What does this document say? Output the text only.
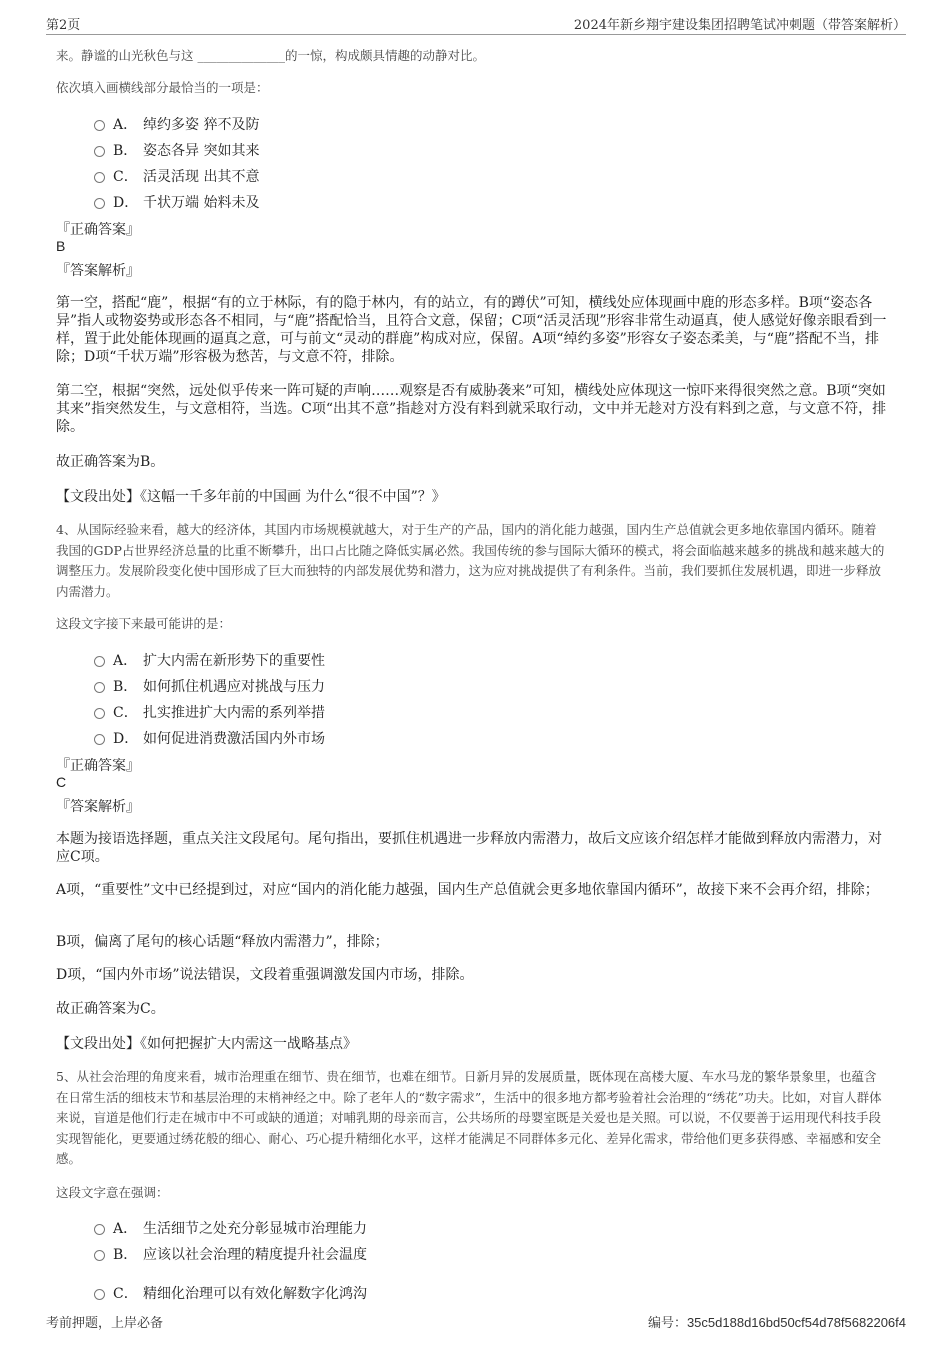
第2页	2024年新乡翔宇建设集团招聘笔试冲刺题（带答案解析）
来。静谧的山光秋色与这 ______________的一惊，构成颇具情趣的动静对比。
依次填入画横线部分最恰当的一项是：
A． 绰约多姿 猝不及防
B． 姿态各异 突如其来
C． 活灵活现 出其不意
D． 千状万端 始料未及
『正确答案』
B
『答案解析』
第一空，搭配“鹿”，根据“有的立于林际，有的隐于林内，有的站立，有的蹲伏”可知，横线处应体现画中鹿的形态多样。B项“姿态各异”指人或物姿势或形态各不相同，与“鹿”搭配恰当，且符合文意，保留；C项“活灵活现”形容非常生动逼真，使人感觉好像亲眼看到一样，置于此处能体现画的逼真之意，可与前文“灵动的群鹿”构成对应，保留。A项“绰约多姿”形容女子姿态柔美，与“鹿”搭配不当，排除；D项“千状万端”形容极为愁苦，与文意不符，排除。
第二空，根据“突然，远处似乎传来一阵可疑的声响……观察是否有威胁袭来”可知，横线处应体现这一惊吓来得很突然之意。B项“突如其来”指突然发生，与文意相符，当选。C项“出其不意”指趁对方没有料到就采取行动，文中并无趁对方没有料到之意，与文意不符，排除。
故正确答案为B。
【文段出处】《这幅一千多年前的中国画 为什么“很不中国”？》
4、从国际经验来看，越大的经济体，其国内市场规模就越大，对于生产的产品，国内的消化能力越强，国内生产总值就会更多地依靠国内循环。随着我国的GDP占世界经济总量的比重不断攀升，出口占比随之降低实属必然。我国传统的参与国际大循环的模式，将会面临越来越多的挑战和越来越大的调整压力。发展阶段变化使中国形成了巨大而独特的内部发展优势和潜力，这为应对挑战提供了有利条件。当前，我们要抓住发展机遇，即进一步释放内需潜力。
这段文字接下来最可能讲的是：
A． 扩大内需在新形势下的重要性
B． 如何抓住机遇应对挑战与压力
C． 扎实推进扩大内需的系列举措
D． 如何促进消费激活国内外市场
『正确答案』
C
『答案解析』
本题为接语选择题，重点关注文段尾句。尾句指出，要抓住机遇进一步释放内需潜力，故后文应该介绍怎样才能做到释放内需潜力，对应C项。
A项，“重要性”文中已经提到过，对应“国内的消化能力越强，国内生产总值就会更多地依靠国内循环”，故接下来不会再介绍，排除；
B项，偏离了尾句的核心话题“释放内需潜力”，排除；
D项，“国内外市场”说法错误，文段着重强调激发国内市场，排除。
故正确答案为C。
【文段出处】《如何把握扩大内需这一战略基点》
5、从社会治理的角度来看，城市治理重在细节、贵在细节，也难在细节。日新月异的发展质量，既体现在高楼大厦、车水马龙的繁华景象里，也蕴含在日常生活的细枝末节和基层治理的末梢神经之中。除了老年人的“数字需求”，生活中的很多地方都考验着社会治理的“绣花”功夫。比如，对盲人群体来说，盲道是他们行走在城市中不可或缺的通道；对哺乳期的母亲而言，公共场所的母婴室既是关爱也是关照。可以说，不仅要善于运用现代科技手段实现智能化，更要通过绣花般的细心、耐心、巧心提升精细化水平，这样才能满足不同群体多元化、差异化需求，带给他们更多获得感、幸福感和安全感。
这段文字意在强调：
A． 生活细节之处充分彰显城市治理能力
B． 应该以社会治理的精度提升社会温度
C． 精细化治理可以有效化解数字化鸿沟
考前押题，上岸必备	编号：35c5d188d16bd50cf54d78f5682206f4
